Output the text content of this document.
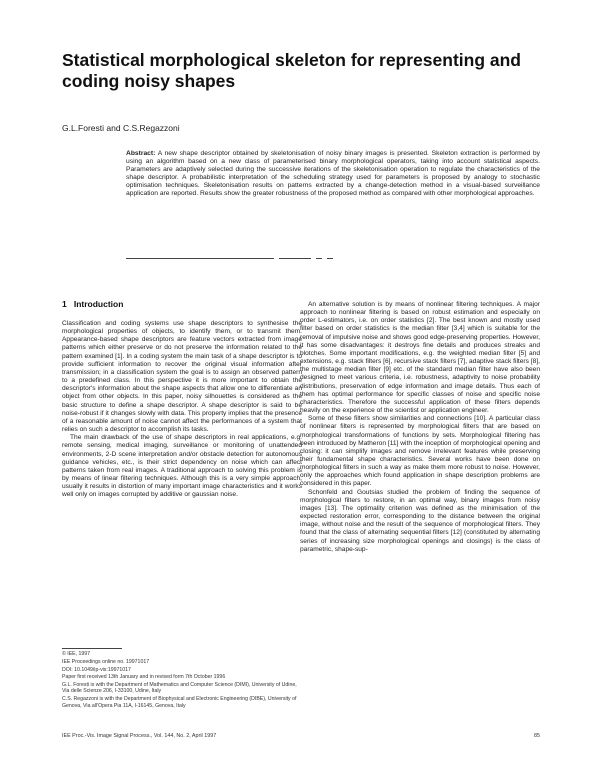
Statistical morphological skeleton for representing and coding noisy shapes
G.L.Foresti and C.S.Regazzoni
Abstract: A new shape descriptor obtained by skeletonisation of noisy binary images is presented. Skeleton extraction is performed by using an algorithm based on a new class of parameterised binary morphological operators, taking into account statistical aspects. Parameters are adaptively selected during the successive iterations of the skeletonisation operation to regulate the characteristics of the shape descriptor. A probabilistic interpretation of the scheduling strategy used for parameters is proposed by analogy to stochastic optimisation techniques. Skeletonisation results on patterns extracted by a change-detection method in a visual-based surveillance application are reported. Results show the greater robustness of the proposed method as compared with other morphological approaches.
1 Introduction

Classification and coding systems use shape descriptors to synthesise the morphological properties of objects, to identify them, or to transmit them. Appearance-based shape descriptors are feature vectors extracted from image patterns which either preserve or do not preserve the information related to the pattern examined [1]. In a coding system the main task of a shape descriptor is to provide sufficient information to recover the original visual information after transmission; in a classification system the goal is to assign an observed pattern to a predefined class. In this perspective it is more important to obtain the descriptor's information about the shape aspects that allow one to differentiate an object from other objects. In this paper, noisy silhouettes is considered as the basic structure to define a shape descriptor. A shape descriptor is said to be noise-robust if it changes slowly with data. This property implies that the presence of a reasonable amount of noise cannot affect the performances of a system that relies on such a descriptor to accomplish its tasks.

The main drawback of the use of shape descriptors in real applications, e.g. remote sensing, medical imaging, surveillance or monitoring of unattended environments, 2-D scene interpretation and/or obstacle detection for autonomous guidance vehicles, etc., is their strict dependency on noise which can affect patterns taken from real images. A traditional approach to solving this problem is by means of linear filtering techniques. Although this is a very simple approach, usually it results in distortion of many important image characteristics and it works well only on images corrupted by additive or gaussian noise.

An alternative solution is by means of nonlinear filtering techniques. A major approach to nonlinear filtering is based on robust estimation and especially on order L-estimators, i.e. on order statistics [2]. The best known and mostly used filter based on order statistics is the median filter [3,4] which is suitable for the removal of impulsive noise and shows good edge-preserving properties. However, it has some disadvantages: it destroys fine details and produces streaks and blotches. Some important modifications, e.g. the weighted median filter [5] and extensions, e.g. stack filters [6], recursive stack filters [7], adaptive stack filters [8], the multistage median filter [9] etc. of the standard median filter have also been designed to meet various criteria, i.e. robustness, adaptivity to noise probability distributions, preservation of edge information and image details. Thus each of them has optimal performance for specific classes of noise and specific noise characteristics. Therefore the successful application of these filters depends heavily on the experience of the scientist or application engineer.

Some of these filters show similarities and connections [10]. A particular class of nonlinear filters is represented by morphological filters that are based on morphological transformations of functions by sets. Morphological filtering has been introduced by Matheron [11] with the inception of morphological opening and closing: it can simplify images and remove irrelevant features while preserving their fundamental shape characteristics. Several works have been done on morphological filters in such a way as make them more robust to noise. However, only the approaches which found application in shape description problems are considered in this paper.

Schonfeld and Goutsias studied the problem of finding the sequence of morphological filters to restore, in an optimal way, binary images from noisy images [13]. The optimality criterion was defined as the minimisation of the expected restoration error, corresponding to the distance between the original image, without noise and the result of the sequence of morphological filters. They found that the class of alternating sequential filters [12] (constituted by alternating series of increasing size morphological openings and closings) is the class of parametric, shape-sup-

© IEE, 1997
IEE Proceedings online no. 19971017
DOI: 10.1049/ip-vis:19971017
Paper first received 13th January and in revised form 7th October 1996
G.L. Foresti is with the Department of Mathematics and Computer Science (DIMI), University of Udine, Via delle Scienze 206, I-33100, Udine, Italy
C.S. Regazzoni is with the Department of Biophysical and Electronic Engineering (DIBE), University of Genova, Via all'Opera Pia 11A, I-16145, Genova, Italy
IEE Proc.-Vis. Image Signal Process., Vol. 144, No. 2, April 1997	85
